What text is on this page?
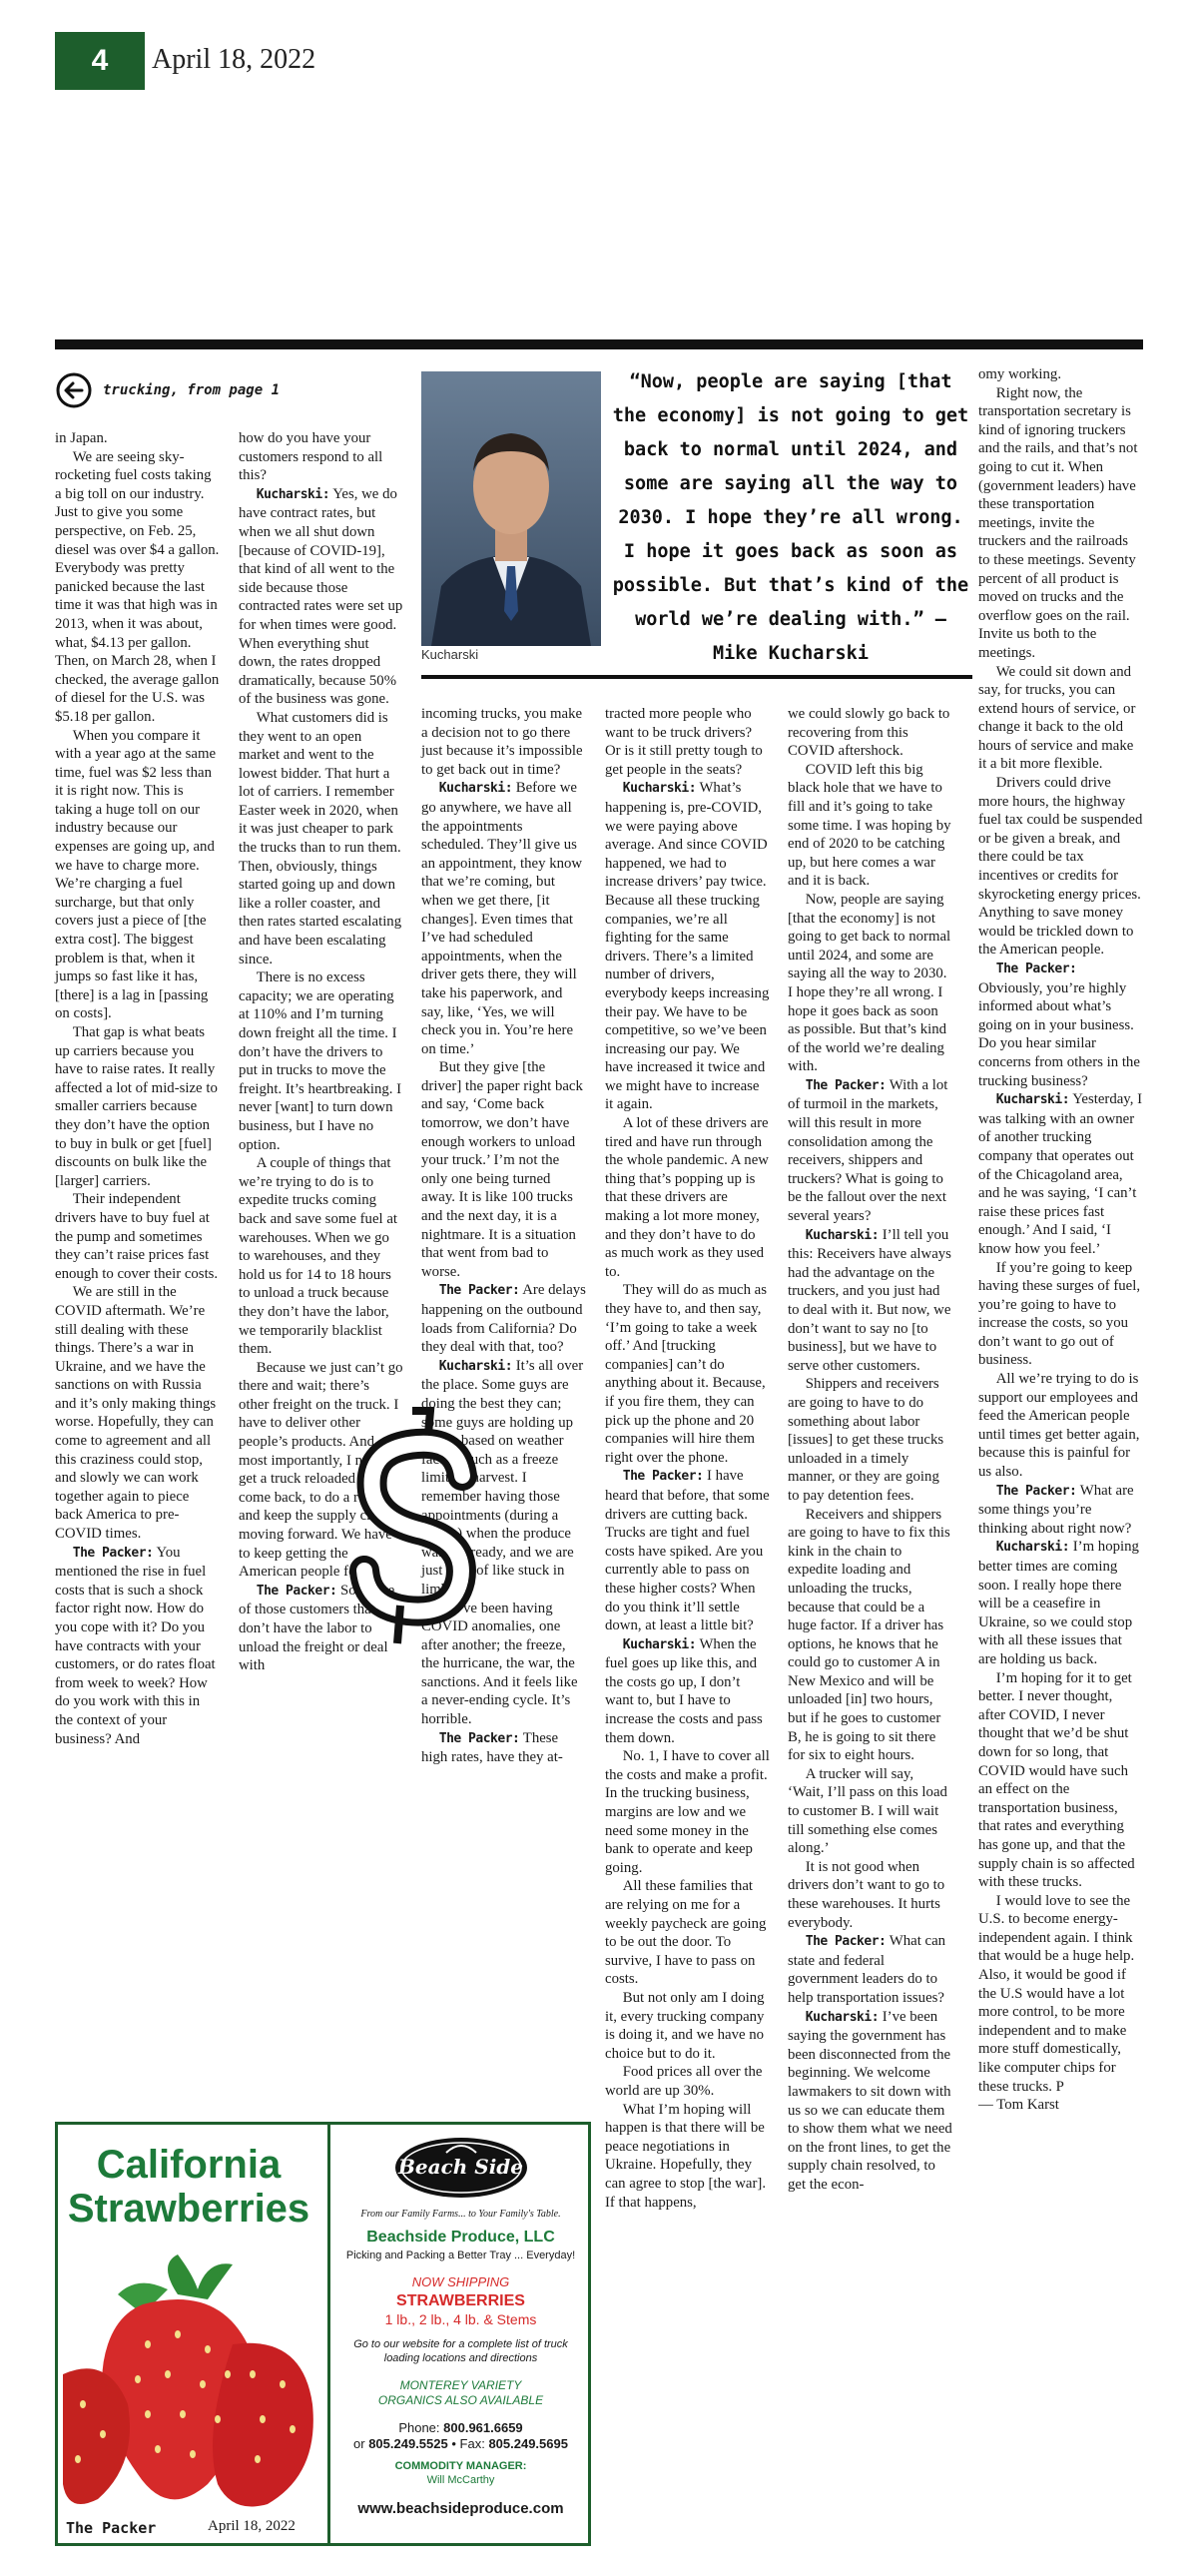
4	April 18, 2022
trucking, from page 1
Kucharski
“Now, people are saying [that the economy] is not going to get back to normal until 2024, and some are saying all the way to 2030. I hope they’re all wrong. I hope it goes back as soon as possible. But that’s kind of the world we’re dealing with.” – Mike Kucharski

in Japan.

We are seeing sky-rocketing fuel costs taking a big toll on our industry. Just to give you some perspective, on Feb. 25, diesel was over $4 a gallon. Everybody was pretty panicked because the last time it was that high was in 2013, when it was about, what, $4.13 per gallon. Then, on March 28, when I checked, the average gallon of diesel for the U.S. was $5.18 per gallon.

When you compare it with a year ago at the same time, fuel was $2 less than it is right now. This is taking a huge toll on our industry because our expenses are going up, and we have to charge more. We’re charging a fuel surcharge, but that only covers just a piece of [the extra cost]. The biggest problem is that, when it jumps so fast like it has, [there] is a lag in [passing on costs].

That gap is what beats up carriers because you have to raise rates. It really affected a lot of mid-size to smaller carriers because they don’t have the option to buy in bulk or get [fuel] discounts on bulk like the [larger] carriers.

Their independent drivers have to buy fuel at the pump and sometimes they can’t raise prices fast enough to cover their costs.

We are still in the COVID aftermath. We’re still dealing with these things. There’s a war in Ukraine, and we have the sanctions on with Russia and it’s only making things worse. Hopefully, they can come to agreement and all this craziness could stop, and slowly we can work together again to piece back America to pre-COVID times.

The Packer: You mentioned the rise in fuel costs that is such a shock factor right now. How do you cope with it? Do you have contracts with your customers, or do rates float from week to week? How do you work with this in the context of your business? And

how do you have your customers respond to all this?

Kucharski: Yes, we do have contract rates, but when we all shut down [because of COVID-19], that kind of all went to the side because those contracted rates were set up for when times were good. When everything shut down, the rates dropped dramatically, because 50% of the business was gone.

What customers did is they went to an open market and went to the lowest bidder. That hurt a lot of carriers. I remember Easter week in 2020, when it was just cheaper to park the trucks than to run them. Then, obviously, things started going up and down like a roller coaster, and then rates started escalating and have been escalating since.

There is no excess capacity; we are operating at 110% and I’m turning down freight all the time. I don’t have the drivers to put in trucks to move the freight. It’s heartbreaking. I never [want] to turn down business, but I have no option.

A couple of things that we’re trying to do is to expedite trucks coming back and save some fuel at warehouses. When we go to warehouses, and they hold us for 14 to 18 hours to unload a truck because they don’t have the labor, we temporarily blacklist them.

Because we just can’t go there and wait; there’s other freight on the truck. I have to deliver other people’s products. And, most importantly, I need to get a truck reloaded to come back, to do a reset and keep the supply chain moving forward. We have to keep getting the American people fed.

The Packer: So, some of those customers that just don’t have the labor to unload the freight or deal with

incoming trucks, you make a decision not to go there just because it’s impossible to get back out in time?

Kucharski: Before we go anywhere, we have all the appointments scheduled. They’ll give us an appointment, they know that we’re coming, but when we get there, [it changes]. Even times that I’ve had scheduled appointments, when the driver gets there, they will take his paperwork, and say, like, ‘Yes, we will check you in. You’re here on time.’

But they give [the driver] the paper right back and say, ‘Come back tomorrow, we don’t have enough workers to unload your truck.’ I’m not the only one being turned away. It is like 100 trucks and the next day, it is a nightmare. It is a situation that went from bad to worse.

The Packer: Are delays happening on the outbound loads from California? Do they deal with that, too?

Kucharski: It’s all over the place. Some guys are doing the best they can; some guys are holding up trucks based on weather factors such as a freeze limiting harvest. I remember having those appointments (during a freeze) when the produce was not ready, and we are just kind of like stuck in limbo.

We’ve been having COVID anomalies, one after another; the freeze, the hurricane, the war, the sanctions. And it feels like a never-ending cycle. It’s horrible.

The Packer: These high rates, have they at-

tracted more people who want to be truck drivers? Or is it still pretty tough to get people in the seats?

Kucharski: What’s happening is, pre-COVID, we were paying above average. And since COVID happened, we had to increase drivers’ pay twice. Because all these trucking companies, we’re all fighting for the same drivers. There’s a limited number of drivers, everybody keeps increasing their pay. We have to be competitive, so we’ve been increasing our pay. We have increased it twice and we might have to increase it again.

A lot of these drivers are tired and have run through the whole pandemic. A new thing that’s popping up is that these drivers are making a lot more money, and they don’t have to do as much work as they used to.

They will do as much as they have to, and then say, ‘I’m going to take a week off.’ And [trucking companies] can’t do anything about it. Because, if you fire them, they can pick up the phone and 20 companies will hire them right over the phone.

The Packer: I have heard that before, that some drivers are cutting back. Trucks are tight and fuel costs have spiked. Are you currently able to pass on these higher costs? When do you think it’ll settle down, at least a little bit?

Kucharski: When the fuel goes up like this, and the costs go up, I don’t want to, but I have to increase the costs and pass them down.

No. 1, I have to cover all the costs and make a profit. In the trucking business, margins are low and we need some money in the bank to operate and keep going.

All these families that are relying on me for a weekly paycheck are going to be out the door. To survive, I have to pass on costs.

But not only am I doing it, every trucking company is doing it, and we have no choice but to do it.

Food prices all over the world are up 30%.

What I’m hoping will happen is that there will be peace negotiations in Ukraine. Hopefully, they can agree to stop [the war]. If that happens,

we could slowly go back to recovering from this COVID aftershock.

COVID left this big black hole that we have to fill and it’s going to take some time. I was hoping by end of 2020 to be catching up, but here comes a war and it is back.

Now, people are saying [that the economy] is not going to get back to normal until 2024, and some are saying all the way to 2030. I hope they’re all wrong. I hope it goes back as soon as possible. But that’s kind of the world we’re dealing with.

The Packer: With a lot of turmoil in the markets, will this result in more consolidation among the receivers, shippers and truckers? What is going to be the fallout over the next several years?

Kucharski: I’ll tell you this: Receivers have always had the advantage on the truckers, and you just had to deal with it. But now, we don’t want to say no [to business], but we have to serve other customers.

Shippers and receivers are going to have to do something about labor [issues] to get these trucks unloaded in a timely manner, or they are going to pay detention fees.

Receivers and shippers are going to have to fix this kink in the chain to expedite loading and unloading the trucks, because that could be a huge factor. If a driver has options, he knows that he could go to customer A in New Mexico and will be unloaded [in] two hours, but if he goes to customer B, he is going to sit there for six to eight hours.

A trucker will say, ‘Wait, I’ll pass on this load to customer B. I will wait till something else comes along.’

It is not good when drivers don’t want to go to these warehouses. It hurts everybody.

The Packer: What can state and federal government leaders do to help transportation issues?

Kucharski: I’ve been saying the government has been disconnected from the beginning. We welcome lawmakers to sit down with us so we can educate them to show them what we need on the front lines, to get the supply chain resolved, to get the econ-

omy working.

Right now, the transportation secretary is kind of ignoring truckers and the rails, and that’s not going to cut it. When (government leaders) have these transportation meetings, invite the truckers and the railroads to these meetings. Seventy percent of all product is moved on trucks and the overflow goes on the rail. Invite us both to the meetings.

We could sit down and say, for trucks, you can extend hours of service, or change it back to the old hours of service and make it a bit more flexible.

Drivers could drive more hours, the highway fuel tax could be suspended or be given a break, and there could be tax incentives or credits for skyrocketing energy prices. Anything to save money would be trickled down to the American people.

The Packer: Obviously, you’re highly informed about what’s going on in your business. Do you hear similar concerns from others in the trucking business?

Kucharski: Yesterday, I was talking with an owner of another trucking company that operates out of the Chicagoland area, and he was saying, ‘I can’t raise these prices fast enough.’ And I said, ‘I know how you feel.’

If you’re going to keep having these surges of fuel, you’re going to have to increase the costs, so you don’t want to go out of business.

All we’re trying to do is support our employees and feed the American people until times get better again, because this is painful for us also.

The Packer: What are some things you’re thinking about right now?

Kucharski: I’m hoping better times are coming soon. I really hope there will be a ceasefire in Ukraine, so we could stop with all these issues that are holding us back.

I’m hoping for it to get better. I never thought, after COVID, I never thought that we’d be shut down for so long, that COVID would have such an effect on the transportation business, that rates and everything has gone up, and that the supply chain is so affected with these trucks.

I would love to see the U.S. to become energy-independent again. I think that would be a huge help. Also, it would be good if the U.S would have a lot more control, to be more independent and to make more stuff domestically, like computer chips for these trucks. P

— Tom Karst

California
Strawberries
The Packer	April 18, 2022
Beach Side
From our Family Farms... to Your Family's Table.
Beachside Produce, LLC
Picking and Packing a Better Tray ... Everyday!
NOW SHIPPING
STRAWBERRIES
1 lb., 2 lb., 4 lb. & Stems
Go to our website for a complete list of truck loading locations and directions
MONTEREY VARIETY
ORGANICS ALSO AVAILABLE
Phone: 800.961.6659
or 805.249.5525 • Fax: 805.249.5695
COMMODITY MANAGER:
Will McCarthy
www.beachsideproduce.com
